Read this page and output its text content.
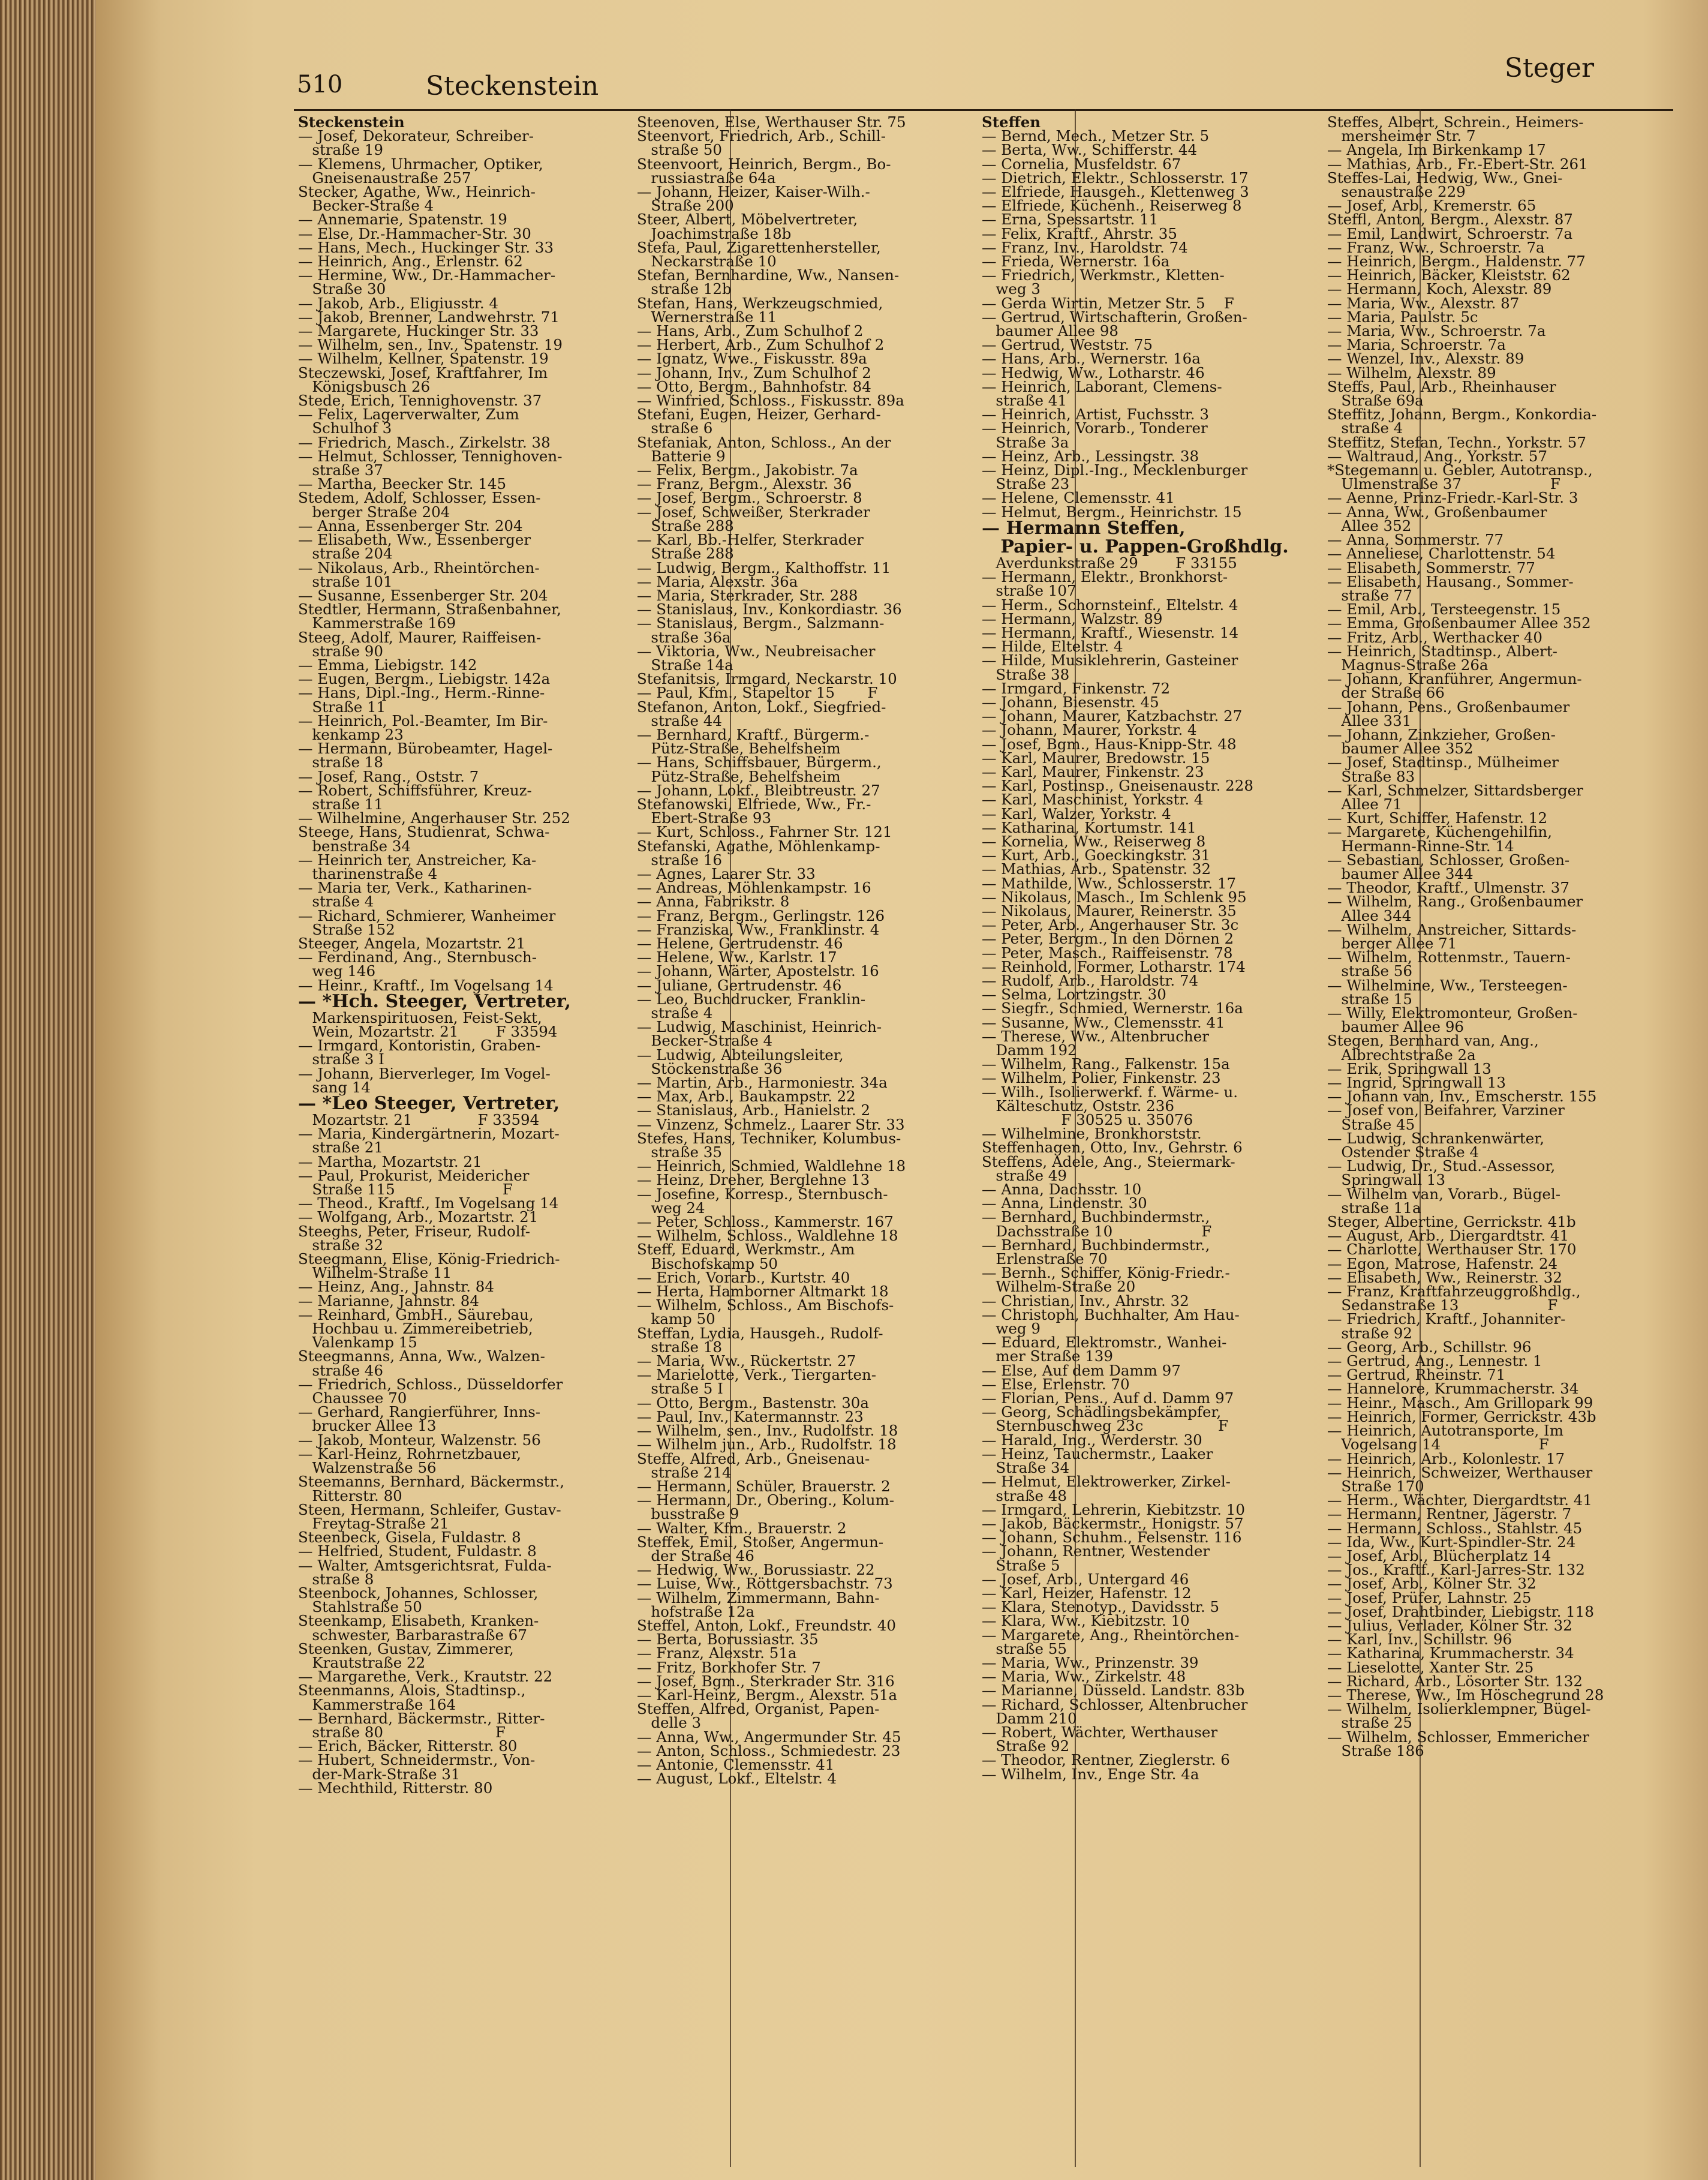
510	Steckenstein
Steger
Steckenstein
— Josef, Dekorateur, Schreiber-
straße 19
— Klemens, Uhrmacher, Optiker,
Gneisenaustraße 257
Stecker, Agathe, Ww., Heinrich-
Becker-Straße 4
— Annemarie, Spatenstr. 19
— Else, Dr.-Hammacher-Str. 30
— Hans, Mech., Huckinger Str. 33
— Heinrich, Ang., Erlenstr. 62
— Hermine, Ww., Dr.-Hammacher-
Straße 30
— Jakob, Arb., Eligiusstr. 4
— Jakob, Brenner, Landwehrstr. 71
— Margarete, Huckinger Str. 33
— Wilhelm, sen., Inv., Spatenstr. 19
— Wilhelm, Kellner, Spatenstr. 19
Steczewski, Josef, Kraftfahrer, Im
Königsbusch 26
Stede, Erich, Tennighovenstr. 37
— Felix, Lagerverwalter, Zum
Schulhof 3
— Friedrich, Masch., Zirkelstr. 38
— Helmut, Schlosser, Tennighoven-
straße 37
— Martha, Beecker Str. 145
Stedem, Adolf, Schlosser, Essen-
berger Straße 204
— Anna, Essenberger Str. 204
— Elisabeth, Ww., Essenberger
straße 204
— Nikolaus, Arb., Rheintörchen-
straße 101
— Susanne, Essenberger Str. 204
Stedtler, Hermann, Straßenbahner,
Kammerstraße 169
Steeg, Adolf, Maurer, Raiffeisen-
straße 90
— Emma, Liebigstr. 142
— Eugen, Bergm., Liebigstr. 142a
— Hans, Dipl.-Ing., Herm.-Rinne-
Straße 11
— Heinrich, Pol.-Beamter, Im Bir-
kenkamp 23
— Hermann, Bürobeamter, Hagel-
straße 18
— Josef, Rang., Oststr. 7
— Robert, Schiffsführer, Kreuz-
straße 11
— Wilhelmine, Angerhauser Str. 252
Steege, Hans, Studienrat, Schwa-
benstraße 34
— Heinrich ter, Anstreicher, Ka-
tharinenstraße 4
— Maria ter, Verk., Katharinen-
straße 4
— Richard, Schmierer, Wanheimer
Straße 152
Steeger, Angela, Mozartstr. 21
— Ferdinand, Ang., Sternbusch-
weg 146
— Heinr., Kraftf., Im Vogelsang 14
— *Hch. Steeger, Vertreter,
Markenspirituosen, Feist-Sekt,
Wein, Mozartstr. 21        F 33594
— Irmgard, Kontoristin, Graben-
straße 3 I
— Johann, Bierverleger, Im Vogel-
sang 14
— *Leo Steeger, Vertreter,
Mozartstr. 21              F 33594
— Maria, Kindergärtnerin, Mozart-
straße 21
— Martha, Mozartstr. 21
— Paul, Prokurist, Meidericher
Straße 115                       F
— Theod., Kraftf., Im Vogelsang 14
— Wolfgang, Arb., Mozartstr. 21
Steeghs, Peter, Friseur, Rudolf-
straße 32
Steegmann, Elise, König-Friedrich-
Wilhelm-Straße 11
— Heinz, Ang., Jahnstr. 84
— Marianne, Jahnstr. 84
— Reinhard, GmbH., Säurebau,
Hochbau u. Zimmereibetrieb,
Valenkamp 15
Steegmanns, Anna, Ww., Walzen-
straße 46
— Friedrich, Schloss., Düsseldorfer
Chaussee 70
— Gerhard, Rangierführer, Inns-
brucker Allee 13
— Jakob, Monteur, Walzenstr. 56
— Karl-Heinz, Rohrnetzbauer,
Walzenstraße 56
Steemanns, Bernhard, Bäckermstr.,
Ritterstr. 80
Steen, Hermann, Schleifer, Gustav-
Freytag-Straße 21
Steenbeck, Gisela, Fuldastr. 8
— Helfried, Student, Fuldastr. 8
— Walter, Amtsgerichtsrat, Fulda-
straße 8
Steenbock, Johannes, Schlosser,
Stahlstraße 50
Steenkamp, Elisabeth, Kranken-
schwester, Barbarastraße 67
Steenken, Gustav, Zimmerer,
Krautstraße 22
— Margarethe, Verk., Krautstr. 22
Steenmanns, Alois, Stadtinsp.,
Kammerstraße 164
— Bernhard, Bäckermstr., Ritter-
straße 80                        F
— Erich, Bäcker, Ritterstr. 80
— Hubert, Schneidermstr., Von-
der-Mark-Straße 31
— Mechthild, Ritterstr. 80
Steenoven, Else, Werthauser Str. 75
Steenvort, Friedrich, Arb., Schill-
straße 50
Steenvoort, Heinrich, Bergm., Bo-
russiastraße 64a
— Johann, Heizer, Kaiser-Wilh.-
Straße 200
Steer, Albert, Möbelvertreter,
Joachimstraße 18b
Stefa, Paul, Zigarettenhersteller,
Neckarstraße 10
Stefan, Bernhardine, Ww., Nansen-
straße 12b
Stefan, Hans, Werkzeugschmied,
Wernerstraße 11
— Hans, Arb., Zum Schulhof 2
— Herbert, Arb., Zum Schulhof 2
— Ignatz, Wwe., Fiskusstr. 89a
— Johann, Inv., Zum Schulhof 2
— Otto, Bergm., Bahnhofstr. 84
— Winfried, Schloss., Fiskusstr. 89a
Stefani, Eugen, Heizer, Gerhard-
straße 6
Stefaniak, Anton, Schloss., An der
Batterie 9
— Felix, Bergm., Jakobistr. 7a
— Franz, Bergm., Alexstr. 36
— Josef, Bergm., Schroerstr. 8
— Josef, Schweißer, Sterkrader
Straße 288
— Karl, Bb.-Helfer, Sterkrader
Straße 288
— Ludwig, Bergm., Kalthoffstr. 11
— Maria, Alexstr. 36a
— Maria, Sterkrader, Str. 288
— Stanislaus, Inv., Konkordiastr. 36
— Stanislaus, Bergm., Salzmann-
straße 36a
— Viktoria, Ww., Neubreisacher
Straße 14a
Stefanitsis, Irmgard, Neckarstr. 10
— Paul, Kfm., Stapeltor 15       F
Stefanon, Anton, Lokf., Siegfried-
straße 44
— Bernhard, Kraftf., Bürgerm.-
Pütz-Straße, Behelfsheim
— Hans, Schiffsbauer, Bürgerm.,
Pütz-Straße, Behelfsheim
— Johann, Lokf., Bleibtreustr. 27
Stefanowski, Elfriede, Ww., Fr.-
Ebert-Straße 93
— Kurt, Schloss., Fahrner Str. 121
Stefanski, Agathe, Möhlenkamp-
straße 16
— Agnes, Laarer Str. 33
— Andreas, Möhlenkampstr. 16
— Anna, Fabrikstr. 8
— Franz, Bergm., Gerlingstr. 126
— Franziska, Ww., Franklinstr. 4
— Helene, Gertrudenstr. 46
— Helene, Ww., Karlstr. 17
— Johann, Wärter, Apostelstr. 16
— Juliane, Gertrudenstr. 46
— Leo, Buchdrucker, Franklin-
straße 4
— Ludwig, Maschinist, Heinrich-
Becker-Straße 4
— Ludwig, Abteilungsleiter,
Stöckenstraße 36
— Martin, Arb., Harmoniestr. 34a
— Max, Arb., Baukampstr. 22
— Stanislaus, Arb., Hanielstr. 2
— Vinzenz, Schmelz., Laarer Str. 33
Stefes, Hans, Techniker, Kolumbus-
straße 35
— Heinrich, Schmied, Waldlehne 18
— Heinz, Dreher, Berglehne 13
— Josefine, Korresp., Sternbusch-
weg 24
— Peter, Schloss., Kammerstr. 167
— Wilhelm, Schloss., Waldlehne 18
Steff, Eduard, Werkmstr., Am
Bischofskamp 50
— Erich, Vorarb., Kurtstr. 40
— Herta, Hamborner Altmarkt 18
— Wilhelm, Schloss., Am Bischofs-
kamp 50
Steffan, Lydia, Hausgeh., Rudolf-
straße 18
— Maria, Ww., Rückertstr. 27
— Marielotte, Verk., Tiergarten-
straße 5 I
— Otto, Bergm., Bastenstr. 30a
— Paul, Inv., Katermannstr. 23
— Wilhelm, sen., Inv., Rudolfstr. 18
— Wilhelm jun., Arb., Rudolfstr. 18
Steffe, Alfred, Arb., Gneisenau-
straße 214
— Hermann, Schüler, Brauerstr. 2
— Hermann, Dr., Obering., Kolum-
busstraße 9
— Walter, Kfm., Brauerstr. 2
Steffek, Emil, Stoßer, Angermun-
der Straße 46
— Hedwig, Ww., Borussiastr. 22
— Luise, Ww., Röttgersbachstr. 73
— Wilhelm, Zimmermann, Bahn-
hofstraße 12a
Steffel, Anton, Lokf., Freundstr. 40
— Berta, Borussiastr. 35
— Franz, Alexstr. 51a
— Fritz, Borkhofer Str. 7
— Josef, Bgm., Sterkrader Str. 316
— Karl-Heinz, Bergm., Alexstr. 51a
Steffen, Alfred, Organist, Papen-
delle 3
— Anna, Ww., Angermunder Str. 45
— Anton, Schloss., Schmiedestr. 23
— Antonie, Clemensstr. 41
— August, Lokf., Eltelstr. 4
Steffen
— Bernd, Mech., Metzer Str. 5
— Berta, Ww., Schifferstr. 44
— Cornelia, Musfeldstr. 67
— Dietrich, Elektr., Schlosserstr. 17
— Elfriede, Hausgeh., Klettenweg 3
— Elfriede, Küchenh., Reiserweg 8
— Erna, Spessartstr. 11
— Felix, Kraftf., Ahrstr. 35
— Franz, Inv., Haroldstr. 74
— Frieda, Wernerstr. 16a
— Friedrich, Werkmstr., Kletten-
weg 3
— Gerda Wirtin, Metzer Str. 5    F
— Gertrud, Wirtschafterin, Großen-
baumer Allee 98
— Gertrud, Weststr. 75
— Hans, Arb., Wernerstr. 16a
— Hedwig, Ww., Lotharstr. 46
— Heinrich, Laborant, Clemens-
straße 41
— Heinrich, Artist, Fuchsstr. 3
— Heinrich, Vorarb., Tonderer
Straße 3a
— Heinz, Arb., Lessingstr. 38
— Heinz, Dipl.-Ing., Mecklenburger
Straße 23
— Helene, Clemensstr. 41
— Helmut, Bergm., Heinrichstr. 15
— Hermann Steffen,
Papier- u. Pappen-Großhdlg.
Averdunkstraße 29        F 33155
— Hermann, Elektr., Bronkhorst-
straße 107
— Herm., Schornsteinf., Eltelstr. 4
— Hermann, Walzstr. 89
— Hermann, Kraftf., Wiesenstr. 14
— Hilde, Eltelstr. 4
— Hilde, Musiklehrerin, Gasteiner
Straße 38
— Irmgard, Finkenstr. 72
— Johann, Biesenstr. 45
— Johann, Maurer, Katzbachstr. 27
— Johann, Maurer, Yorkstr. 4
— Josef, Bgm., Haus-Knipp-Str. 48
— Karl, Maurer, Bredowstr. 15
— Karl, Maurer, Finkenstr. 23
— Karl, Postinsp., Gneisenaustr. 228
— Karl, Maschinist, Yorkstr. 4
— Karl, Walzer, Yorkstr. 4
— Katharina, Kortumstr. 141
— Kornelia, Ww., Reiserweg 8
— Kurt, Arb., Goeckingkstr. 31
— Mathias, Arb., Spatenstr. 32
— Mathilde, Ww., Schlosserstr. 17
— Nikolaus, Masch., Im Schlenk 95
— Nikolaus, Maurer, Reinerstr. 35
— Peter, Arb., Angerhauser Str. 3c
— Peter, Bergm., In den Dörnen 2
— Peter, Masch., Raiffeisenstr. 78
— Reinhold, Former, Lotharstr. 174
— Rudolf, Arb., Haroldstr. 74
— Selma, Lortzingstr. 30
— Siegfr., Schmied, Wernerstr. 16a
— Susanne, Ww., Clemensstr. 41
— Therese, Ww., Altenbrucher
Damm 192
— Wilhelm, Rang., Falkenstr. 15a
— Wilhelm, Polier, Finkenstr. 23
— Wilh., Isolierwerkf. f. Wärme- u.
Kälteschutz, Oststr. 236
F 30525 u. 35076
— Wilhelmine, Bronkhorststr.
Steffenhagen, Otto, Inv., Gehrstr. 6
Steffens, Adele, Ang., Steiermark-
straße 49
— Anna, Dachsstr. 10
— Anna, Lindenstr. 30
— Bernhard, Buchbindermstr.,
Dachsstraße 10                   F
— Bernhard, Buchbindermstr.,
Erlenstraße 70
— Bernh., Schiffer, König-Friedr.-
Wilhelm-Straße 20
— Christian, Inv., Ahrstr. 32
— Christoph, Buchhalter, Am Hau-
weg 9
— Eduard, Elektromstr., Wanhei-
mer Straße 139
— Else, Auf dem Damm 97
— Else, Erlenstr. 70
— Florian, Pens., Auf d. Damm 97
— Georg, Schädlingsbekämpfer,
Sternbuschweg 23c                F
— Harald, Ing., Werderstr. 30
— Heinz, Tauchermstr., Laaker
Straße 34
— Helmut, Elektrowerker, Zirkel-
straße 48
— Irmgard, Lehrerin, Kiebitzstr. 10
— Jakob, Bäckermstr., Honigstr. 57
— Johann, Schuhm., Felsenstr. 116
— Johann, Rentner, Westender
Straße 5
— Josef, Arb., Untergard 46
— Karl, Heizer, Hafenstr. 12
— Klara, Stenotyp., Davidsstr. 5
— Klara, Ww., Kiebitzstr. 10
— Margarete, Ang., Rheintörchen-
straße 55
— Maria, Ww., Prinzenstr. 39
— Maria, Ww., Zirkelstr. 48
— Marianne, Düsseld. Landstr. 83b
— Richard, Schlosser, Altenbrucher
Damm 210
— Robert, Wächter, Werthauser
Straße 92
— Theodor, Rentner, Zieglerstr. 6
— Wilhelm, Inv., Enge Str. 4a
Steffes, Albert, Schrein., Heimers-
mersheimer Str. 7
— Angela, Im Birkenkamp 17
— Mathias, Arb., Fr.-Ebert-Str. 261
Steffes-Lai, Hedwig, Ww., Gnei-
senaustraße 229
— Josef, Arb., Kremerstr. 65
Steffl, Anton, Bergm., Alexstr. 87
— Emil, Landwirt, Schroerstr. 7a
— Franz, Ww., Schroerstr. 7a
— Heinrich, Bergm., Haldenstr. 77
— Heinrich, Bäcker, Kleiststr. 62
— Hermann, Koch, Alexstr. 89
— Maria, Ww., Alexstr. 87
— Maria, Paulstr. 5c
— Maria, Ww., Schroerstr. 7a
— Maria, Schroerstr. 7a
— Wenzel, Inv., Alexstr. 89
— Wilhelm, Alexstr. 89
Steffs, Paul, Arb., Rheinhauser
Straße 69a
Steffitz, Johann, Bergm., Konkordia-
straße 4
Steffitz, Stefan, Techn., Yorkstr. 57
— Waltraud, Ang., Yorkstr. 57
*Stegemann u. Gebler, Autotransp.,
Ulmenstraße 37                   F
— Aenne, Prinz-Friedr.-Karl-Str. 3
— Anna, Ww., Großenbaumer
Allee 352
— Anna, Sommerstr. 77
— Anneliese, Charlottenstr. 54
— Elisabeth, Sommerstr. 77
— Elisabeth, Hausang., Sommer-
straße 77
— Emil, Arb., Tersteegenstr. 15
— Emma, Großenbaumer Allee 352
— Fritz, Arb., Werthacker 40
— Heinrich, Stadtinsp., Albert-
Magnus-Straße 26a
— Johann, Kranführer, Angermun-
der Straße 66
— Johann, Pens., Großenbaumer
Allee 331
— Johann, Zinkzieher, Großen-
baumer Allee 352
— Josef, Stadtinsp., Mülheimer
Straße 83
— Karl, Schmelzer, Sittardsberger
Allee 71
— Kurt, Schiffer, Hafenstr. 12
— Margarete, Küchengehilfin,
Hermann-Rinne-Str. 14
— Sebastian, Schlosser, Großen-
baumer Allee 344
— Theodor, Kraftf., Ulmenstr. 37
— Wilhelm, Rang., Großenbaumer
Allee 344
— Wilhelm, Anstreicher, Sittards-
berger Allee 71
— Wilhelm, Rottenmstr., Tauern-
straße 56
— Wilhelmine, Ww., Tersteegen-
straße 15
— Willy, Elektromonteur, Großen-
baumer Allee 96
Stegen, Bernhard van, Ang.,
Albrechtstraße 2a
— Erik, Springwall 13
— Ingrid, Springwall 13
— Johann van, Inv., Emscherstr. 155
— Josef von, Beifahrer, Varziner
Straße 45
— Ludwig, Schrankenwärter,
Ostender Straße 4
— Ludwig, Dr., Stud.-Assessor,
Springwall 13
— Wilhelm van, Vorarb., Bügel-
straße 11a
Steger, Albertine, Gerrickstr. 41b
— August, Arb., Diergardtstr. 41
— Charlotte, Werthauser Str. 170
— Egon, Matrose, Hafenstr. 24
— Elisabeth, Ww., Reinerstr. 32
— Franz, Kraftfahrzeuggroßhdlg.,
Sedanstraße 13                   F
— Friedrich, Kraftf., Johanniter-
straße 92
— Georg, Arb., Schillstr. 96
— Gertrud, Ang., Lennestr. 1
— Gertrud, Rheinstr. 71
— Hannelore, Krummacherstr. 34
— Heinr., Masch., Am Grillopark 99
— Heinrich, Former, Gerrickstr. 43b
— Heinrich, Autotransporte, Im
Vogelsang 14                     F
— Heinrich, Arb., Kolonlestr. 17
— Heinrich, Schweizer, Werthauser
Straße 170
— Herm., Wächter, Diergardtstr. 41
— Hermann, Rentner, Jägerstr. 7
— Hermann, Schloss., Stahlstr. 45
— Ida, Ww., Kurt-Spindler-Str. 24
— Josef, Arb., Blücherplatz 14
— Jos., Kraftf., Karl-Jarres-Str. 132
— Josef, Arb., Kölner Str. 32
— Josef, Prüfer, Lahnstr. 25
— Josef, Drahtbinder, Liebigstr. 118
— Julius, Verlader, Kölner Str. 32
— Karl, Inv., Schillstr. 96
— Katharina, Krummacherstr. 34
— Lieselotte, Xanter Str. 25
— Richard, Arb., Lösorter Str. 132
— Therese, Ww., Im Höschegrund 28
— Wilhelm, Isolierklempner, Bügel-
straße 25
— Wilhelm, Schlosser, Emmericher
Straße 186
